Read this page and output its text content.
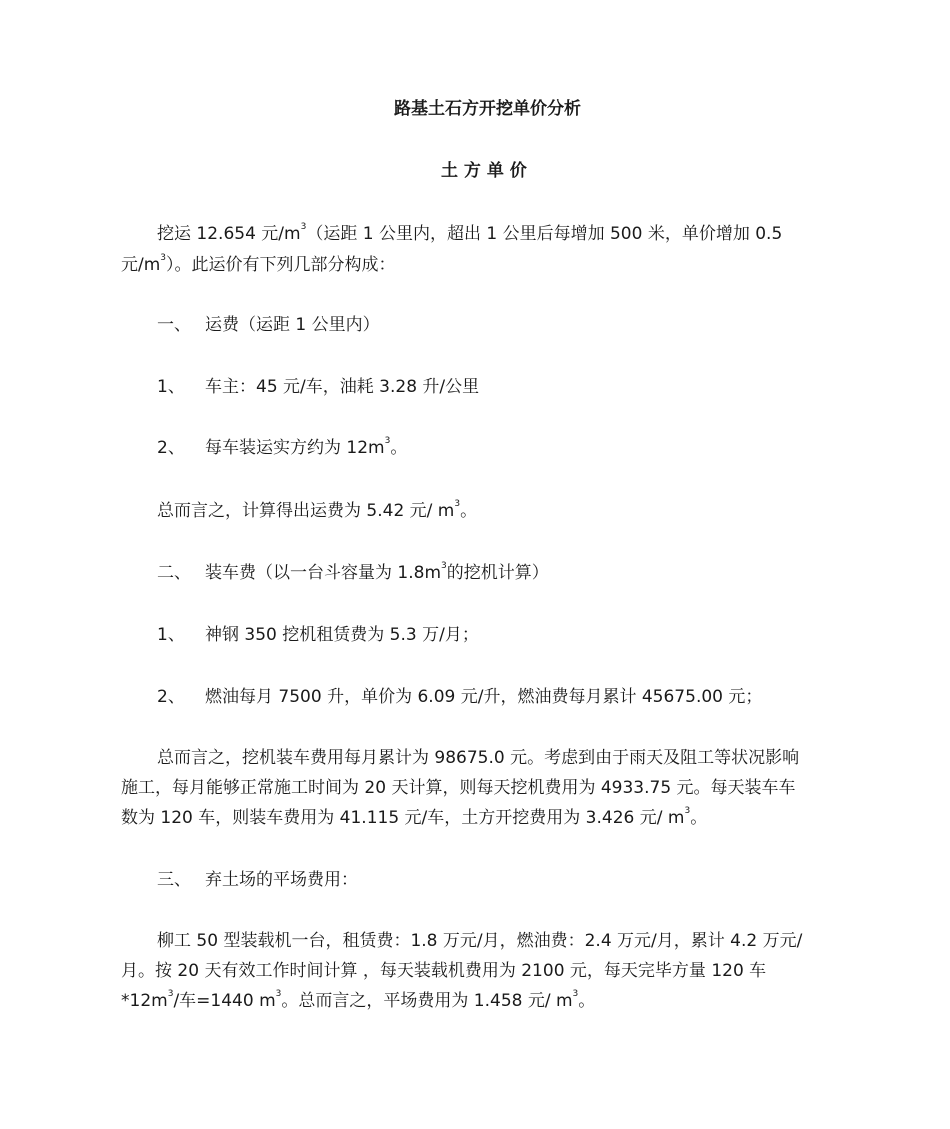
路基土石方开挖单价分析
土 方 单 价
挖运 12.654 元$/m^3$（运距 1 公里内，超出 1 公里后每增加 500 米，单价增加 0.5
元$/m^3$）。此运价有下列几部分构成：
一、 运费（运距 1 公里内）
1、 车主：45 元/车，油耗 3.28 升/公里
2、 每车装运实方约为 $12m^3$。
总而言之，计算得出运费为 5.42 元/ $m^3$。
二、 装车费（以一台斗容量为 $1.8m^3$的挖机计算）
1、 神钢 350 挖机租赁费为 5.3 万/月；
2、 燃油每月 7500 升，单价为 6.09 元/升，燃油费每月累计 45675.00 元；
总而言之，挖机装车费用每月累计为 98675.0 元。考虑到由于雨天及阻工等状况影响
施工，每月能够正常施工时间为 20 天计算，则每天挖机费用为 4933.75 元。每天装车车
数为 120 车，则装车费用为 41.115 元/车，土方开挖费用为 3.426 元/ $m^3$。
三、 弃土场的平场费用：
柳工 50 型装载机一台，租赁费：1.8 万元/月，燃油费：2.4 万元/月，累计 4.2 万元/
月。按 20 天有效工作时间计算 ，每天装载机费用为 2100 元，每天完毕方量 120 车
$*12m^3/$车=1440 $m^3$。总而言之，平场费用为 1.458 元/ $m^3$。
